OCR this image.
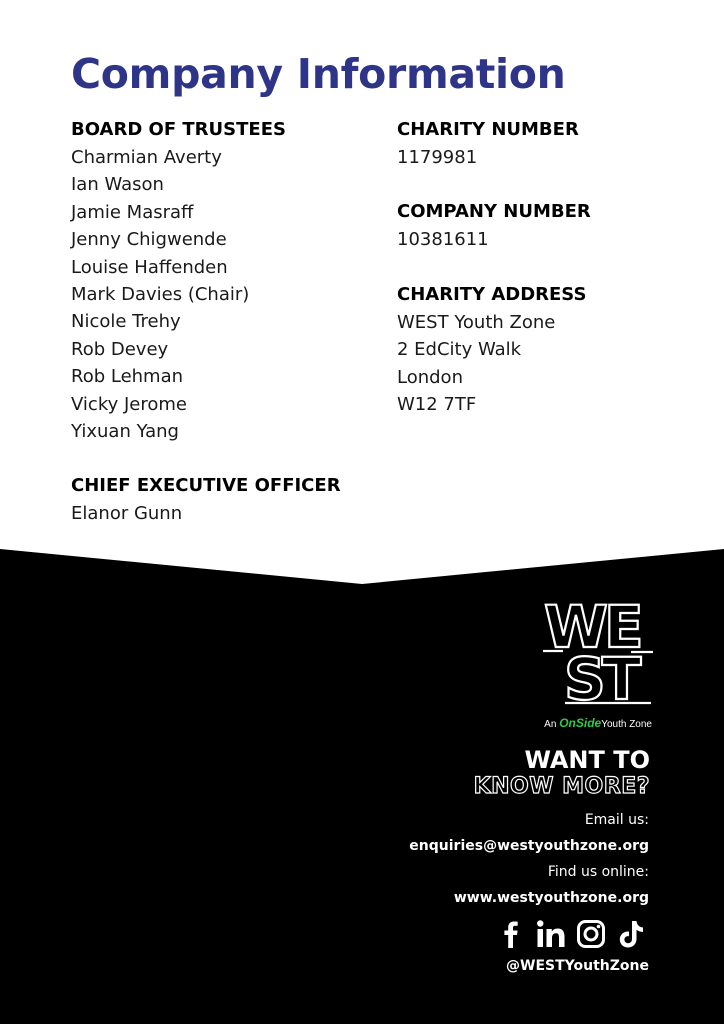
Company Information

BOARD OF TRUSTEES

Charmian Averty

Ian Wason

Jamie Masraff

Jenny Chigwende

Louise Haffenden

Mark Davies (Chair)

Nicole Trehy

Rob Devey

Rob Lehman

Vicky Jerome

Yixuan Yang

CHIEF EXECUTIVE OFFICER

Elanor Gunn

CHARITY NUMBER

1179981

COMPANY NUMBER

10381611

CHARITY ADDRESS

WEST Youth Zone

2 EdCity Walk

London

W12 7TF

WE
ST
An OnSideYouth Zone
WANT TO
KNOW MORE?
Email us:
enquiries@westyouthzone.org
Find us online:
www.westyouthzone.org
@WESTYouthZone
